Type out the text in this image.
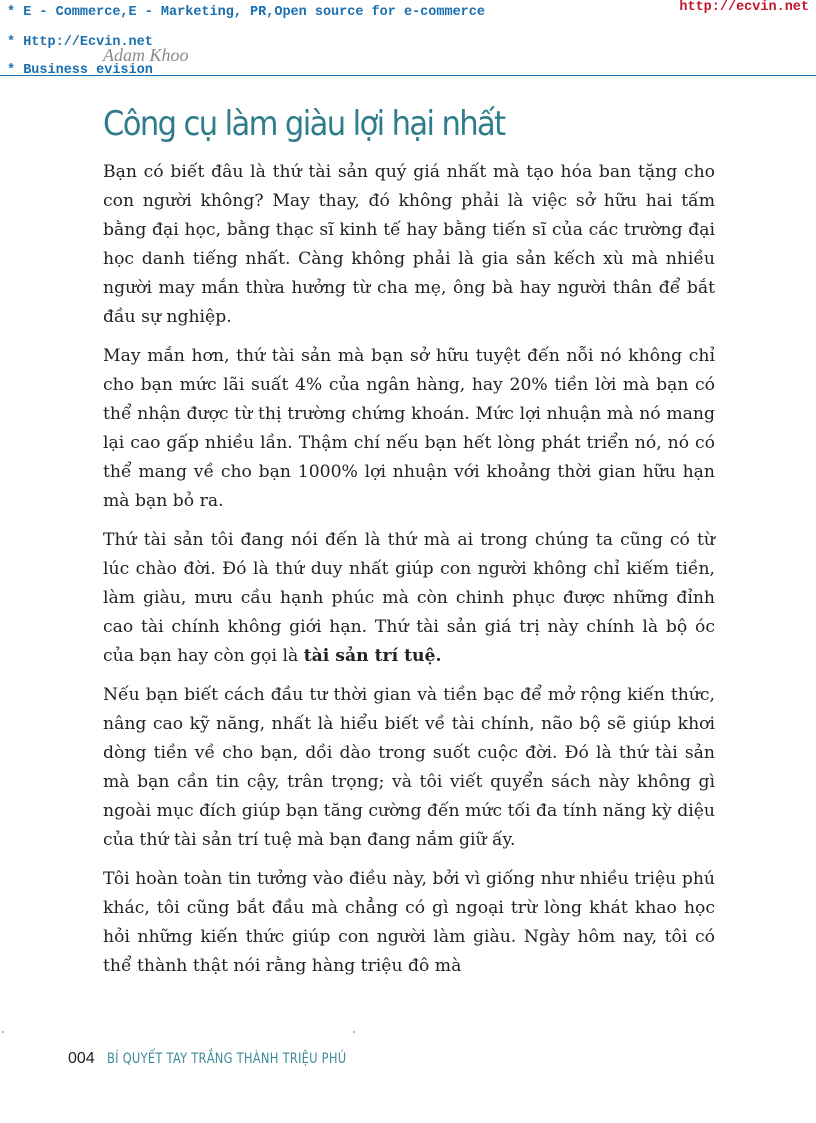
* E - Commerce,E - Marketing, PR,Open source for e-commerce
* Http://Ecvin.net
Adam Khoo
* Business evision
http://ecvin.net
Công cụ làm giàu lợi hại nhất

Bạn có biết đâu là thứ tài sản quý giá nhất mà tạo hóa ban tặng cho con người không? May thay, đó không phải là việc sở hữu hai tấm bằng đại học, bằng thạc sĩ kinh tế hay bằng tiến sĩ của các trường đại học danh tiếng nhất. Càng không phải là gia sản kếch xù mà nhiều người may mắn thừa hưởng từ cha mẹ, ông bà hay người thân để bắt đầu sự nghiệp.

May mắn hơn, thứ tài sản mà bạn sở hữu tuyệt đến nỗi nó không chỉ cho bạn mức lãi suất 4% của ngân hàng, hay 20% tiền lời mà bạn có thể nhận được từ thị trường chứng khoán. Mức lợi nhuận mà nó mang lại cao gấp nhiều lần. Thậm chí nếu bạn hết lòng phát triển nó, nó có thể mang về cho bạn 1000% lợi nhuận với khoảng thời gian hữu hạn mà bạn bỏ ra.

Thứ tài sản tôi đang nói đến là thứ mà ai trong chúng ta cũng có từ lúc chào đời. Đó là thứ duy nhất giúp con người không chỉ kiếm tiền, làm giàu, mưu cầu hạnh phúc mà còn chinh phục được những đỉnh cao tài chính không giới hạn. Thứ tài sản giá trị này chính là bộ óc của bạn hay còn gọi là tài sản trí tuệ.

Nếu bạn biết cách đầu tư thời gian và tiền bạc để mở rộng kiến thức, nâng cao kỹ năng, nhất là hiểu biết về tài chính, não bộ sẽ giúp khơi dòng tiền về cho bạn, dồi dào trong suốt cuộc đời. Đó là thứ tài sản mà bạn cần tin cậy, trân trọng; và tôi viết quyển sách này không gì ngoài mục đích giúp bạn tăng cường đến mức tối đa tính năng kỳ diệu của thứ tài sản trí tuệ mà bạn đang nắm giữ ấy.

Tôi hoàn toàn tin tưởng vào điều này, bởi vì giống như nhiều triệu phú khác, tôi cũng bắt đầu mà chẳng có gì ngoại trừ lòng khát khao học hỏi những kiến thức giúp con người làm giàu. Ngày hôm nay, tôi có thể thành thật nói rằng hàng triệu đô mà

004 BÍ QUYẾT TAY TRẮNG THÀNH TRIỆU PHÚ
